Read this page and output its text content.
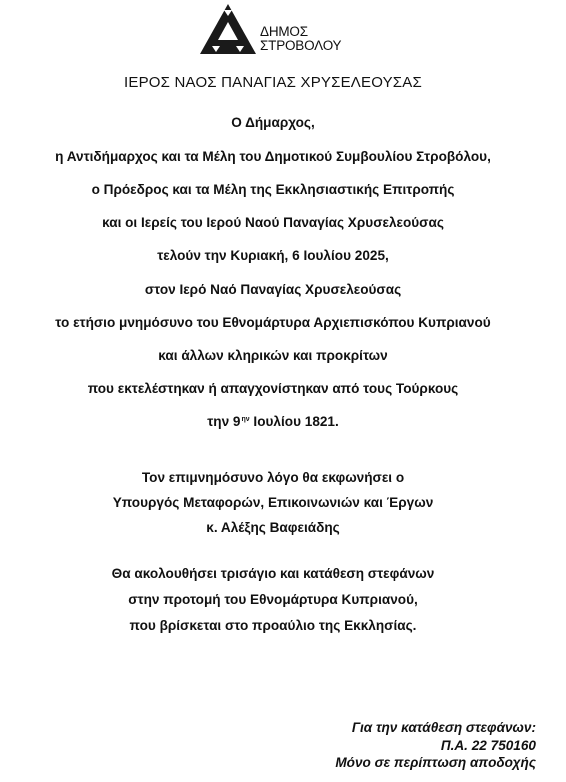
ΔΗΜΟΣ
ΣΤΡΟΒΟΛΟΥ
ΙΕΡΟΣ ΝΑΟΣ ΠΑΝΑΓΙΑΣ ΧΡΥΣΕΛΕΟΥΣΑΣ
Ο Δήμαρχος,
η Αντιδήμαρχος και τα Μέλη του Δημοτικού Συμβουλίου Στροβόλου,
ο Πρόεδρος και τα Μέλη της Εκκλησιαστικής Επιτροπής
και οι Ιερείς του Ιερού Ναού Παναγίας Χρυσελεούσας
τελούν την Κυριακή, 6 Ιουλίου 2025,
στον Ιερό Ναό Παναγίας Χρυσελεούσας
το ετήσιο μνημόσυνο του Εθνομάρτυρα Αρχιεπισκόπου Κυπριανού
και άλλων κληρικών και προκρίτων
που εκτελέστηκαν ή απαγχονίστηκαν από τους Τούρκους
την $9^{\eta\nu}$ Ιουλίου 1821.
Τον επιμνημόσυνο λόγο θα εκφωνήσει ο
Υπουργός Μεταφορών, Επικοινωνιών και Έργων
κ. Αλέξης Βαφειάδης
Θα ακολουθήσει τρισάγιο και κατάθεση στεφάνων
στην προτομή του Εθνομάρτυρα Κυπριανού,
που βρίσκεται στο προαύλιο της Εκκλησίας.
Για την κατάθεση στεφάνων:
Π.Α. 22 750160
Μόνο σε περίπτωση αποδοχής
